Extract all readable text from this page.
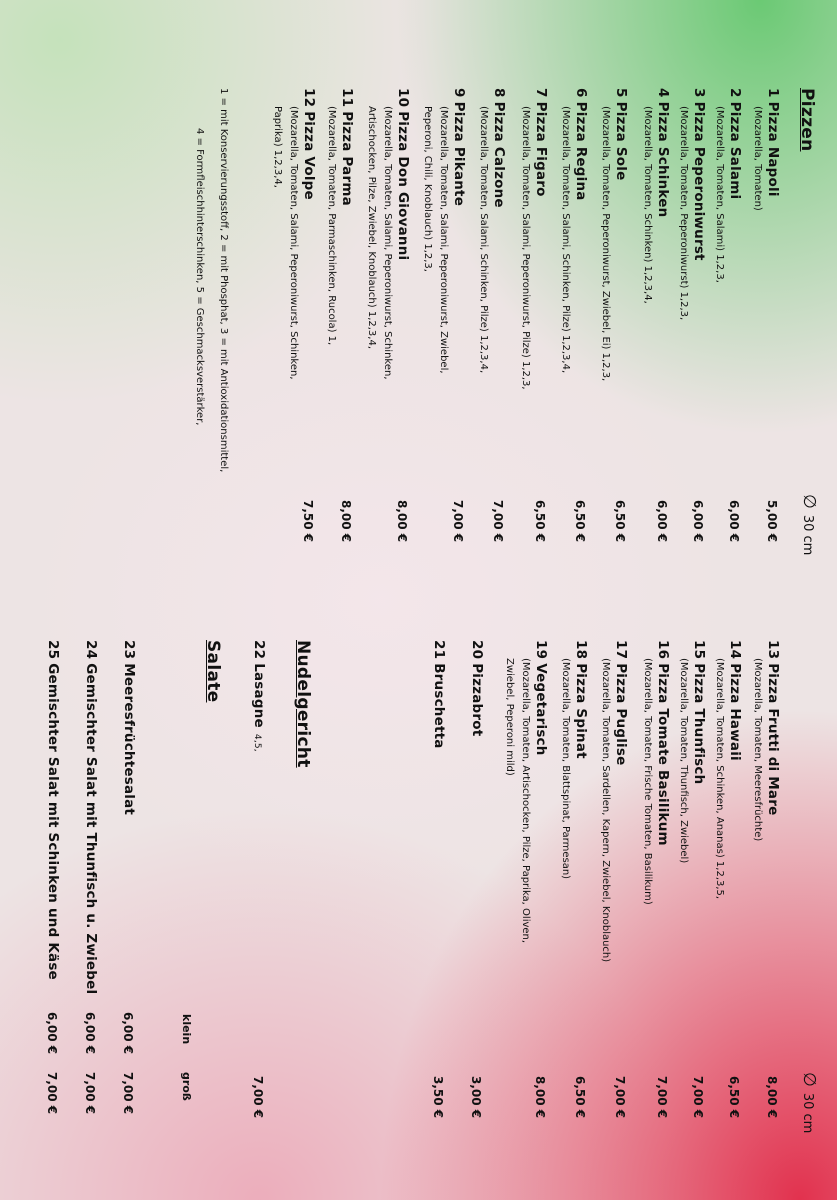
Pizzen
∅30 cm
1Pizza Napoli
(Mozarella, Tomaten)
5,00 €
2Pizza Salami
(Mozarella, Tomaten, Salami) 1,2,3,
6,00 €
3Pizza Peperoniwurst
(Mozarella, Tomaten, Peperoniwurst) 1,2,3,
6,00 €
4Pizza Schinken
(Mozarella, Tomaten, Schinken) 1,2,3,4,
6,00 €
5Pizza Sole
(Mozarella, Tomaten, Peperoniwurst, Zwiebel, Ei) 1,2,3,
6,50 €
6Pizza Regina
(Mozarella, Tomaten, Salami, Schinken, Pilze) 1,2,3,4,
6,50 €
7Pizza Figaro
(Mozarella, Tomaten, Salami, Peperoniwurst, Pilze) 1,2,3,
6,50 €
8Pizza Calzone
(Mozarella, Tomaten, Salami, Schinken, Pilze) 1,2,3,4,
7,00 €
9Pizza Pikante
(Mozarella, Tomaten, Salami, Peperoniwurst, Zwiebel,
Peperoni, Chili, Knoblauch) 1,2,3,
7,00 €
10Pizza Don Giovanni
(Mozarella, Tomaten, Salami, Peperoniwurst, Schinken,
Artischocken, Pilze, Zwiebel, Knoblauch) 1,2,3,4,
8,00 €
11Pizza Parma
(Mozarella, Tomaten, Parmaschinken, Rucola) 1,
8,00 €
12Pizza Volpe
(Mozarella, Tomaten, Salami, Peperoniwurst, Schinken,
Paprika) 1,2,3,4,
7,50 €
1 = mit Konservierungsstoff, 2 = mit Phosphat, 3 = mit Antioxidationsmittel,
4 = Formfleischhinterschinken, 5 = Geschmacksverstärker,
∅30 cm
13Pizza Frutti di Mare
(Mozarella, Tomaten, Meeresfrüchte)
8,00 €
14Pizza Hawaii
(Mozarella, Tomaten, Schinken, Ananas) 1,2,3,5,
6,50 €
15Pizza Thunfisch
(Mozarella, Tomaten, Thunfisch, Zwiebel)
7,00 €
16Pizza Tomate Basilikum
(Mozarella, Tomaten, Frische Tomaten, Basilikum)
7,00 €
17Pizza Puglise
(Mozarella, Tomaten, Sardellen, Kapern, Zwiebel, Knoblauch)
7,00 €
18Pizza Spinat
(Mozarella, Tomaten, Blattspinat, Parmesan)
6,50 €
19Vegetarisch
(Mozarella, Tomaten, Artischocken, Pilze, Paprika, Oliven,
Zwiebel, Peperoni mild)
8,00 €
20Pizzabrot
3,00 €
21Bruschetta
3,50 €
Nudelgericht
22Lasagne4,5,
7,00 €
Salate
klein
groß
23Meeresfrüchtesalat
6,00 €
7,00 €
24Gemischter Salat mit Thunfisch u. Zwiebel
6,00 €
7,00 €
25Gemischter Salat mit Schinken und Käse
6,00 €
7,00 €
